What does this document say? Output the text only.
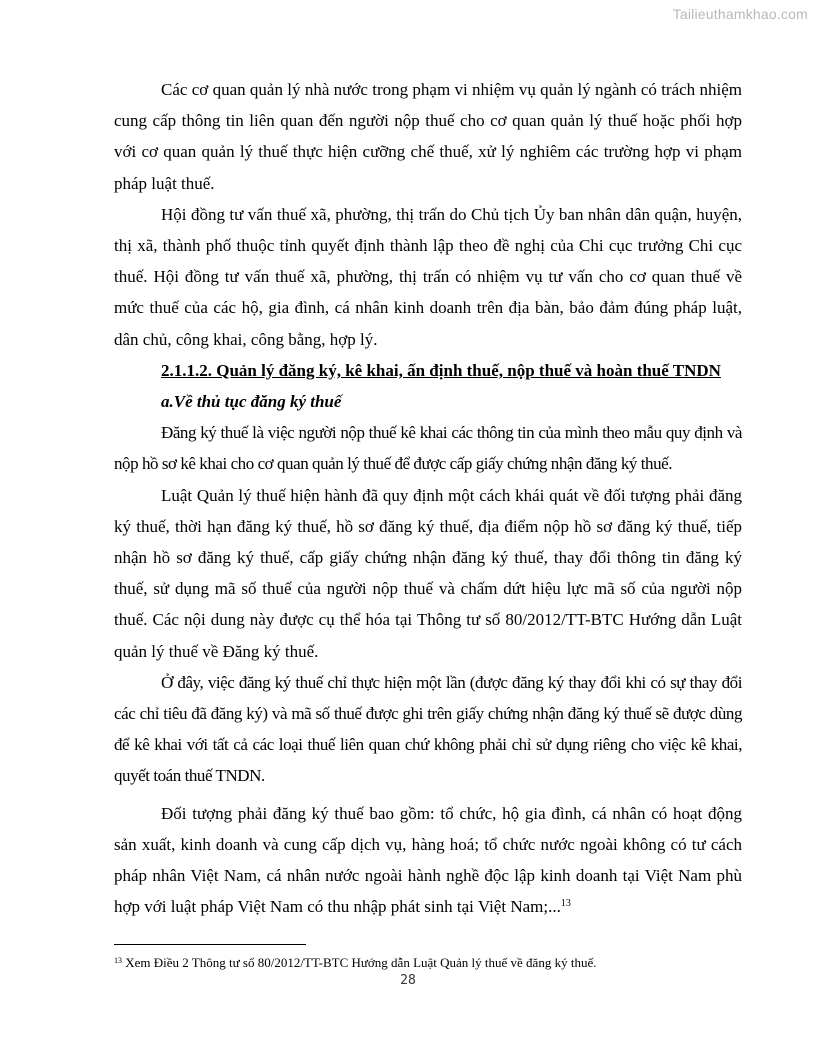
Tailieuthamkhao.com

Các cơ quan quản lý nhà nước trong phạm vi nhiệm vụ quản lý ngành có trách nhiệm cung cấp thông tin liên quan đến người nộp thuế cho cơ quan quản lý thuế hoặc phối hợp với cơ quan quản lý thuế thực hiện cưỡng chế thuế, xử lý nghiêm các trường hợp vi phạm pháp luật thuế.

Hội đồng tư vấn thuế xã, phường, thị trấn do Chủ tịch Ủy ban nhân dân quận, huyện, thị xã, thành phố thuộc tỉnh quyết định thành lập theo đề nghị của Chi cục trưởng Chi cục thuế. Hội đồng tư vấn thuế xã, phường, thị trấn có nhiệm vụ tư vấn cho cơ quan thuế về mức thuế của các hộ, gia đình, cá nhân kinh doanh trên địa bàn, bảo đảm đúng pháp luật, dân chủ, công khai, công bằng, hợp lý.

2.1.1.2. Quản lý đăng ký, kê khai, ấn định thuế, nộp thuế và hoàn thuế TNDN

a.Về thủ tục đăng ký thuế

Đăng ký thuế là việc người nộp thuế kê khai các thông tin của mình theo mẫu quy định và nộp hồ sơ kê khai cho cơ quan quản lý thuế để được cấp giấy chứng nhận đăng ký thuế.

Luật Quản lý thuế hiện hành đã quy định một cách khái quát về đối tượng phải đăng ký thuế, thời hạn đăng ký thuế, hồ sơ đăng ký thuế, địa điểm nộp hồ sơ đăng ký thuế, tiếp nhận hồ sơ đăng ký thuế, cấp giấy chứng nhận đăng ký thuế, thay đổi thông tin đăng ký thuế, sử dụng mã số thuế của người nộp thuế và chấm dứt hiệu lực mã số của người nộp thuế. Các nội dung này được cụ thể hóa tại Thông tư số 80/2012/TT-BTC Hướng dẫn Luật quản lý thuế về Đăng ký thuế.

Ở đây, việc đăng ký thuế chỉ thực hiện một lần (được đăng ký thay đổi khi có sự thay đổi các chỉ tiêu đã đăng ký) và mã số thuế được ghi trên giấy chứng nhận đăng ký thuế sẽ được dùng để kê khai với tất cả các loại thuế liên quan chứ không phải chỉ sử dụng riêng cho việc kê khai, quyết toán thuế TNDN.

Đối tượng phải đăng ký thuế bao gồm: tổ chức, hộ gia đình, cá nhân có hoạt động sản xuất, kinh doanh và cung cấp dịch vụ, hàng hoá; tổ chức nước ngoài không có tư cách pháp nhân Việt Nam, cá nhân nước ngoài hành nghề độc lập kinh doanh tại Việt Nam phù hợp với luật pháp Việt Nam có thu nhập phát sinh tại Việt Nam;...$^{13}$

$^{13}$ Xem Điều 2 Thông tư số 80/2012/TT-BTC Hướng dẫn Luật Quản lý thuế về đăng ký thuế.
28
